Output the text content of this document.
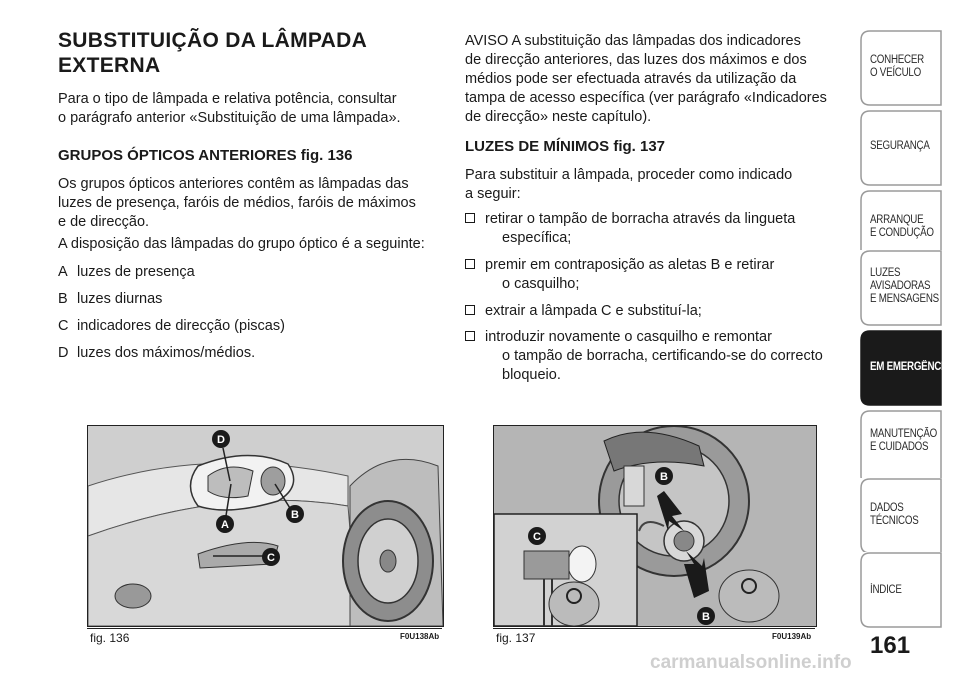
SUBSTITUIÇÃO DA LÂMPADA
EXTERNA
Para o tipo de lâmpada e relativa potência, consultar
o parágrafo anterior «Substituição de uma lâmpada».
GRUPOS ÓPTICOS ANTERIORES fig. 136
Os grupos ópticos anteriores contêm as lâmpadas das
luzes de presença, faróis de médios, faróis de máximos
e de direcção.
A disposição das lâmpadas do grupo óptico é a seguinte:
A luzes de presença
B luzes diurnas
C indicadores de direcção (piscas)
D luzes dos máximos/médios.
AVISO A substituição das lâmpadas dos indicadores
de direcção anteriores, das luzes dos máximos e dos
médios pode ser efectuada através da utilização da
tampa de acesso específica (ver parágrafo «Indicadores
de direcção» neste capítulo).
LUZES DE MÍNIMOS fig. 137
Para substituir a lâmpada, proceder como indicado
a seguir:
retirar o tampão de borracha através da lingueta
específica;
premir em contraposição as aletas B e retirar
o casquilho;
extrair a lâmpada C e substituí-la;
introduzir novamente o casquilho e remontar
o tampão de borracha, certificando-se do correcto
bloqueio.
D
A
B
C
fig. 136	F0U138Ab
B
C
B
fig. 137	F0U139Ab
CONHECER
O VEÍCULO
SEGURANÇA
ARRANQUE
E CONDUÇÃO
LUZES
AVISADORAS
E MENSAGENS
EM EMERGÊNCIA
MANUTENÇÃO
E CUIDADOS
DADOS
TÉCNICOS
ÍNDICE
161
carmanualsonline.info
